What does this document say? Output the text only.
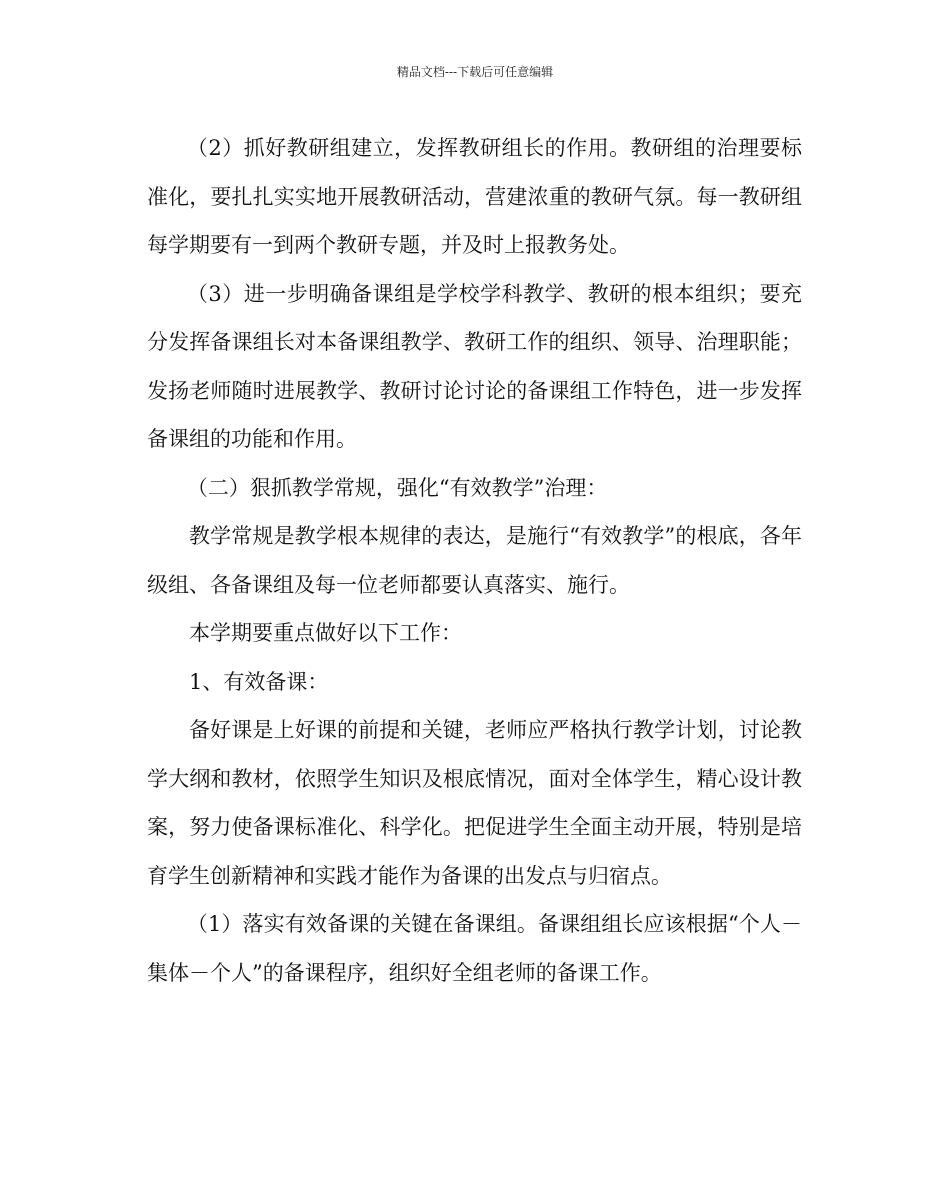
精品文档---下载后可任意编辑

（2）抓好教研组建立，发挥教研组长的作用。教研组的治理要标准化，要扎扎实实地开展教研活动，营建浓重的教研气氛。每一教研组每学期要有一到两个教研专题，并及时上报教务处。

（3）进一步明确备课组是学校学科教学、教研的根本组织；要充分发挥备课组长对本备课组教学、教研工作的组织、领导、治理职能；发扬老师随时进展教学、教研讨论讨论的备课组工作特色，进一步发挥备课组的功能和作用。

（二）狠抓教学常规，强化“有效教学”治理：

教学常规是教学根本规律的表达，是施行“有效教学”的根底，各年级组、各备课组及每一位老师都要认真落实、施行。

本学期要重点做好以下工作：

1、有效备课：

备好课是上好课的前提和关键，老师应严格执行教学计划，讨论教学大纲和教材，依照学生知识及根底情况，面对全体学生，精心设计教案，努力使备课标准化、科学化。把促进学生全面主动开展，特别是培育学生创新精神和实践才能作为备课的出发点与归宿点。

（1）落实有效备课的关键在备课组。备课组组长应该根据“个人－集体－个人”的备课程序，组织好全组老师的备课工作。
